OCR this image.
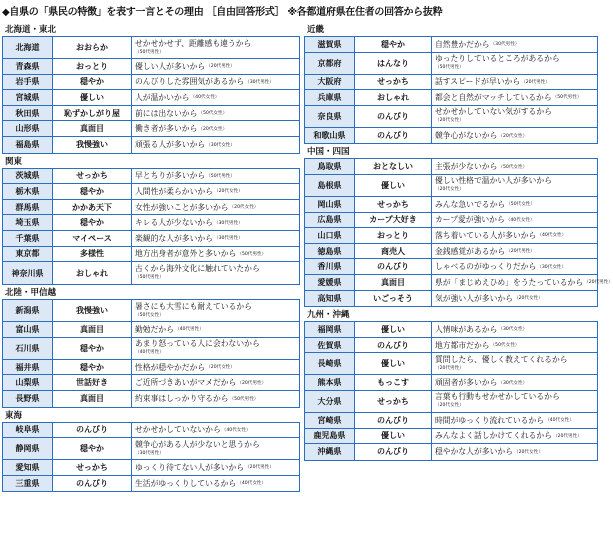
◆自県の「県民の特徴」を表す一言とその理由 ［自由回答形式］ ※各都道府県在住者の回答から抜粋
北海道・東北
北海道	おおらか	せかせかせず、距離感も違うから
（50代男性）
青森県	おっとり	優しい人が多いから （20代男性）
岩手県	穏やか	のんびりした雰囲気があるから （30代男性）
宮城県	優しい	人が温かいから （40代女性）
秋田県	恥ずかしがり屋	前には出ないから （50代女性）
山形県	真面目	働き者が多いから （20代女性）
福島県	我慢強い	頑張る人が多いから （30代女性）
関東
茨城県	せっかち	早とちりが多いから （50代男性）
栃木県	穏やか	人間性が柔らかいから （20代女性）
群馬県	かかあ天下	女性が強いことが多いから （20代女性）
埼玉県	穏やか	キレる人が少ないから （30代男性）
千葉県	マイペース	楽観的な人が多いから （30代男性）
東京都	多様性	地方出身者が意外と多いから （50代男性）
神奈川県	おしゃれ	古くから海外文化に触れていたから
（50代男性）
北陸・甲信越
新潟県	我慢強い	暑さにも大雪にも耐えているから
（50代女性）
富山県	真面目	勤勉だから （40代男性）
石川県	穏やか	あまり怒っている人に会わないから
（40代男性）
福井県	穏やか	性格が穏やかだから （20代女性）
山梨県	世話好き	ご近所づきあいがマメだから （20代男性）
長野県	真面目	約束事はしっかり守るから （50代男性）
東海
岐阜県	のんびり	せかせかしていないから （40代女性）
静岡県	穏やか	競争心がある人が少ないと思うから
（30代男性）
愛知県	せっかち	ゆっくり待てない人が多いから （20代男性）
三重県	のんびり	生活がゆっくりしているから （40代女性）
近畿
滋賀県	穏やか	自然豊かだから （30代男性）
京都府	はんなり	ゆったりしているところがあるから
（50代男性）
大阪府	せっかち	話すスピードが早いから （20代男性）
兵庫県	おしゃれ	都会と自然がマッチしているから （50代男性）
奈良県	のんびり	せかせかしていない気がするから
（20代女性）
和歌山県	のんびり	競争心がないから （20代女性）
中国・四国
鳥取県	おとなしい	主張が少ないから （50代女性）
島根県	優しい	優しい性格で温かい人が多いから
（20代女性）
岡山県	せっかち	みんな急いでるから （50代女性）
広島県	カープ大好き	カープ愛が強いから （40代女性）
山口県	おっとり	落ち着いている人が多いから （40代女性）
徳島県	商売人	金銭感覚があるから （20代男性）
香川県	のんびり	しゃべるのがゆっくりだから （30代女性）
愛媛県	真面目	県が「まじめえひめ」をうたっているから （20代男性）
高知県	いごっそう	気が強い人が多いから （20代女性）
九州・沖縄
福岡県	優しい	人情味があるから （30代女性）
佐賀県	のんびり	地方都市だから （50代女性）
長崎県	優しい	質問したら、優しく教えてくれるから
（20代男性）
熊本県	もっこす	頑固者が多いから （30代女性）
大分県	せっかち	言葉も行動もせかせかしているから
（20代女性）
宮崎県	のんびり	時間がゆっくり流れているから （40代女性）
鹿児島県	優しい	みんなよく話しかけてくれるから （20代男性）
沖縄県	のんびり	穏やかな人が多いから （20代女性）
